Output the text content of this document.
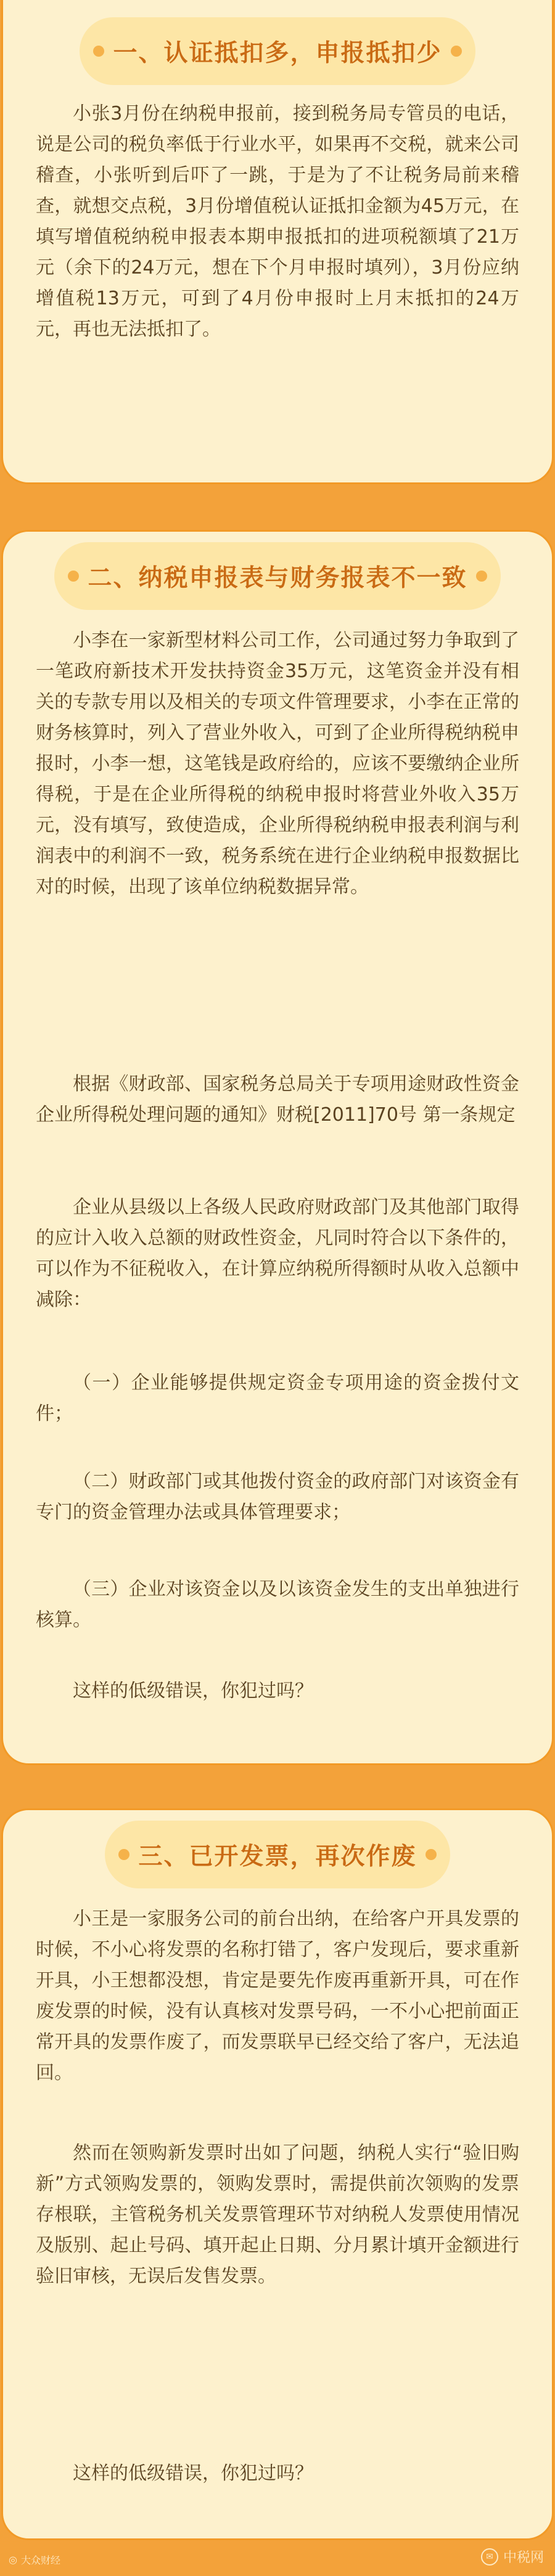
一、认证抵扣多，申报抵扣少

小张3月份在纳税申报前，接到税务局专管员的电话，说是公司的税负率低于行业水平，如果再不交税，就来公司稽查，小张听到后吓了一跳，于是为了不让税务局前来稽查，就想交点税，3月份增值税认证抵扣金额为45万元，在填写增值税纳税申报表本期申报抵扣的进项税额填了21万元（余下的24万元，想在下个月申报时填列），3月份应纳增值税13万元，可到了4月份申报时上月末抵扣的24万元，再也无法抵扣了。

二、纳税申报表与财务报表不一致

小李在一家新型材料公司工作，公司通过努力争取到了一笔政府新技术开发扶持资金35万元，这笔资金并没有相关的专款专用以及相关的专项文件管理要求，小李在正常的财务核算时，列入了营业外收入，可到了企业所得税纳税申报时，小李一想，这笔钱是政府给的，应该不要缴纳企业所得税，于是在企业所得税的纳税申报时将营业外收入35万元，没有填写，致使造成，企业所得税纳税申报表利润与利润表中的利润不一致，税务系统在进行企业纳税申报数据比对的时候，出现了该单位纳税数据异常。

根据《财政部、国家税务总局关于专项用途财政性资金企业所得税处理问题的通知》财税[2011]70号 第一条规定

企业从县级以上各级人民政府财政部门及其他部门取得的应计入收入总额的财政性资金，凡同时符合以下条件的，可以作为不征税收入，在计算应纳税所得额时从收入总额中减除：

（一）企业能够提供规定资金专项用途的资金拨付文件；

（二）财政部门或其他拨付资金的政府部门对该资金有专门的资金管理办法或具体管理要求；

（三）企业对该资金以及以该资金发生的支出单独进行核算。

这样的低级错误，你犯过吗？

三、已开发票，再次作废

小王是一家服务公司的前台出纳，在给客户开具发票的时候，不小心将发票的名称打错了，客户发现后，要求重新开具，小王想都没想，肯定是要先作废再重新开具，可在作废发票的时候，没有认真核对发票号码，一不小心把前面正常开具的发票作废了，而发票联早已经交给了客户，无法追回。

然而在领购新发票时出如了问题，纳税人实行“验旧购新”方式领购发票的，领购发票时，需提供前次领购的发票存根联，主管税务机关发票管理环节对纳税人发票使用情况及版别、起止号码、填开起止日期、分月累计填开金额进行验旧审核，无误后发售发票。

这样的低级错误，你犯过吗？

◎ 大众财经	✉ 中税网
